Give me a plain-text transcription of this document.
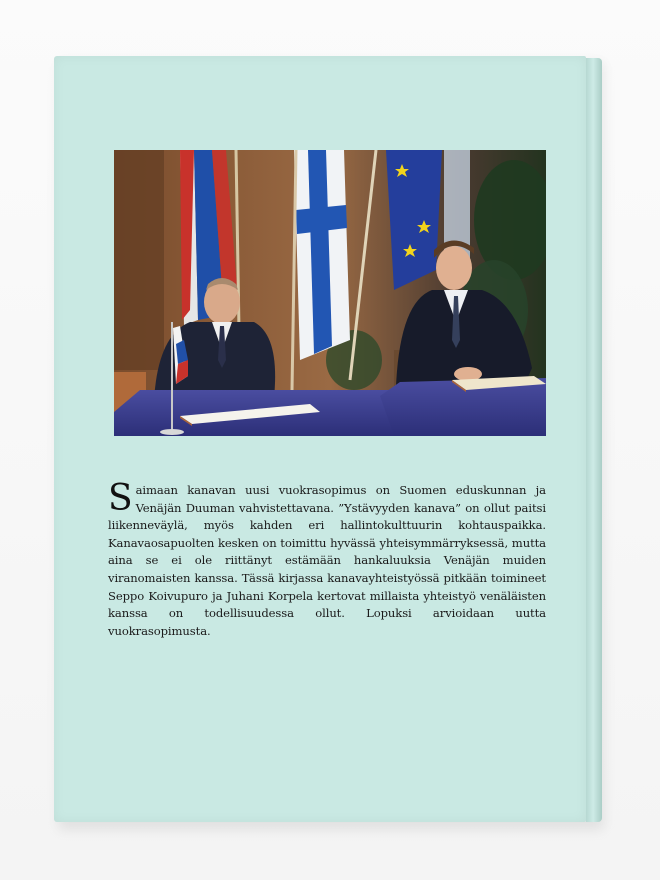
Saimaan kanavan uusi vuokrasopimus on Suomen eduskunnan ja Venäjän Duuman vahvistettavana. ”Ystävyyden kanava” on ollut paitsi liikenneväylä, myös kahden eri hallintokulttuurin kohtauspaikka. Kanavaosapuolten kesken on toimittu hyvässä yhteisymmärryksessä, mutta aina se ei ole riittänyt estämään hankaluuksia Venäjän muiden viranomaisten kanssa. Tässä kirjassa kanavayhteistyössä pitkään toimineet Seppo Koivupuro ja Juhani Korpela kertovat millaista yhteistyö venäläisten kanssa on todellisuudessa ollut. Lopuksi arvioidaan uutta vuokrasopimusta.
